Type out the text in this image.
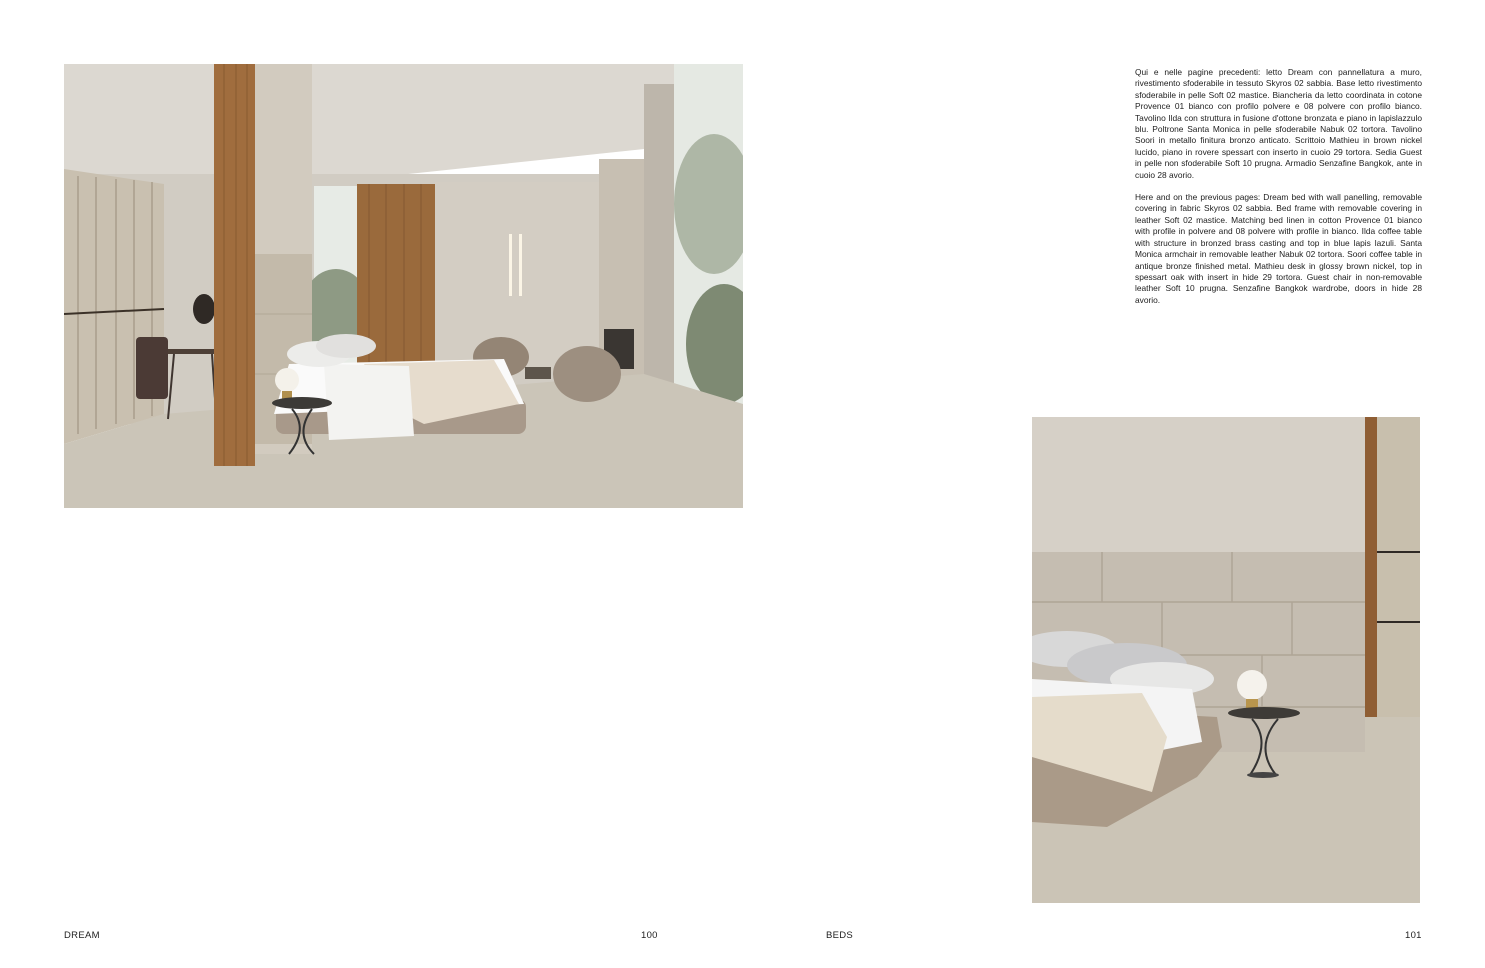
Qui e nelle pagine precedenti: letto Dream con pannellatura a muro, rivestimento sfoderabile in tessuto Skyros 02 sabbia. Base letto rivestimento sfoderabile in pelle Soft 02 mastice. Biancheria da letto coordinata in cotone Provence 01 bianco con profilo polvere e 08 polvere con profilo bianco. Tavolino Ilda con struttura in fusione d'ottone bronzata e piano in lapislazzulo blu. Poltrone Santa Monica in pelle sfoderabile Nabuk 02 tortora. Tavolino Soori in metallo finitura bronzo anticato. Scrittoio Mathieu in brown nickel lucido, piano in rovere spessart con inserto in cuoio 29 tortora. Sedia Guest in pelle non sfoderabile Soft 10 prugna. Armadio Senzafine Bangkok, ante in cuoio 28 avorio.

Here and on the previous pages: Dream bed with wall panelling, removable covering in fabric Skyros 02 sabbia. Bed frame with removable covering in leather Soft 02 mastice. Matching bed linen in cotton Provence 01 bianco with profile in polvere and 08 polvere with profile in bianco. Ilda coffee table with structure in bronzed brass casting and top in blue lapis lazuli. Santa Monica armchair in removable leather Nabuk 02 tortora. Soori coffee table in antique bronze finished metal. Mathieu desk in glossy brown nickel, top in spessart oak with insert in hide 29 tortora. Guest chair in non-removable leather Soft 10 prugna. Senzafine Bangkok wardrobe, doors in hide 28 avorio.

DREAM	100	BEDS	101
